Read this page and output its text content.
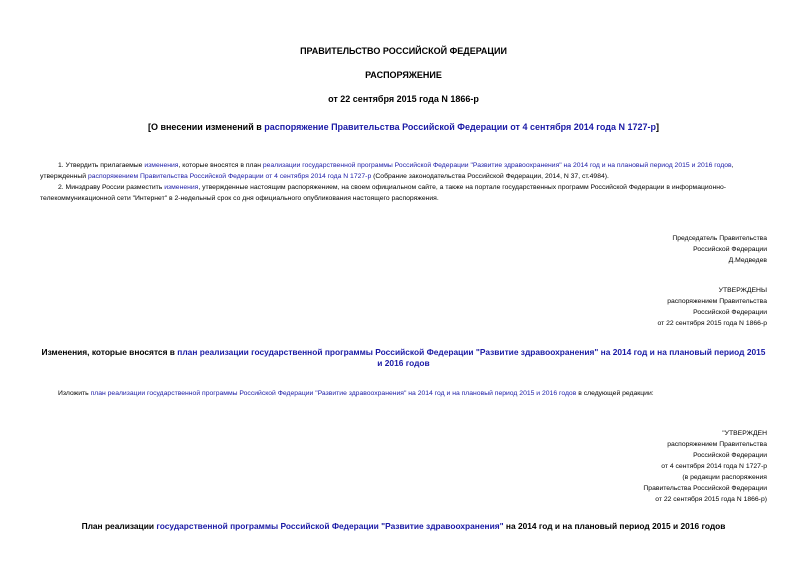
ПРАВИТЕЛЬСТВО РОССИЙСКОЙ ФЕДЕРАЦИИ
РАСПОРЯЖЕНИЕ
от 22 сентября 2015 года N 1866-р
[О внесении изменений в распоряжение Правительства Российской Федерации от 4 сентября 2014 года N 1727-р]
1. Утвердить прилагаемые изменения, которые вносятся в план реализации государственной программы Российской Федерации "Развитие здравоохранения" на 2014 год и на плановый период 2015 и 2016 годов, утвержденный распоряжением Правительства Российской Федерации от 4 сентября 2014 года N 1727-р (Собрание законодательства Российской Федерации, 2014, N 37, ст.4984).
2. Минздраву России разместить изменения, утвержденные настоящим распоряжением, на своем официальном сайте, а также на портале государственных программ Российской Федерации в информационно-телекоммуникационной сети "Интернет" в 2-недельный срок со дня официального опубликования настоящего распоряжения.
Председатель Правительства
Российской Федерации
Д.Медведев
УТВЕРЖДЕНЫ
распоряжением Правительства
Российской Федерации
от 22 сентября 2015 года N 1866-р
Изменения, которые вносятся в план реализации государственной программы Российской Федерации "Развитие здравоохранения" на 2014 год и на плановый период 2015 и 2016 годов
Изложить план реализации государственной программы Российской Федерации "Развитие здравоохранения" на 2014 год и на плановый период 2015 и 2016 годов в следующей редакции:
"УТВЕРЖДЕН
распоряжением Правительства
Российской Федерации
от 4 сентября 2014 года N 1727-р
(в редакции распоряжения
Правительства Российской Федерации
от 22 сентября 2015 года N 1866-р)
План реализации государственной программы Российской Федерации "Развитие здравоохранения" на 2014 год и на плановый период 2015 и 2016 годов
